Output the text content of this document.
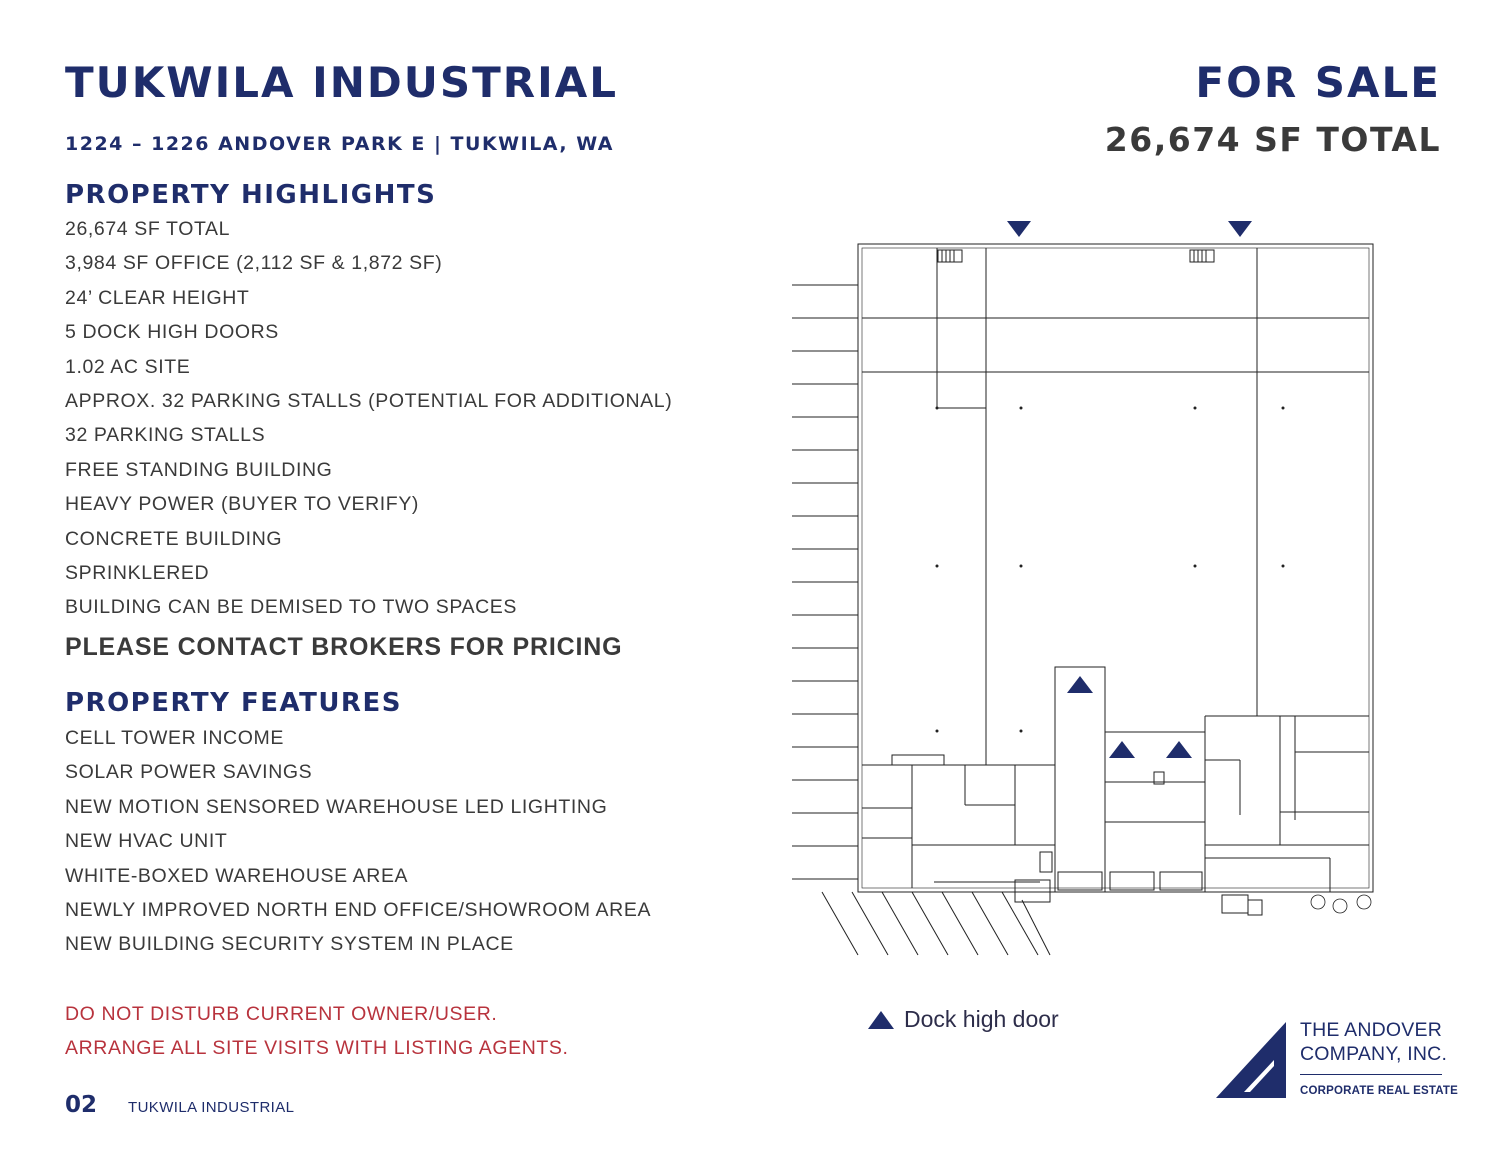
TUKWILA INDUSTRIAL
1224 – 1226 ANDOVER PARK E | TUKWILA, WA
FOR SALE
26,674 SF TOTAL
PROPERTY HIGHLIGHTS
26,674 SF TOTAL
3,984 SF OFFICE (2,112 SF & 1,872 SF)
24’ CLEAR HEIGHT
5 DOCK HIGH DOORS
1.02 AC SITE
APPROX. 32 PARKING STALLS (POTENTIAL FOR ADDITIONAL)
32 PARKING STALLS
FREE STANDING BUILDING
HEAVY POWER (BUYER TO VERIFY)
CONCRETE BUILDING
SPRINKLERED
BUILDING CAN BE DEMISED TO TWO SPACES
PLEASE CONTACT BROKERS FOR PRICING
PROPERTY FEATURES
CELL TOWER INCOME
SOLAR POWER SAVINGS
NEW MOTION SENSORED WAREHOUSE LED LIGHTING
NEW HVAC UNIT
WHITE-BOXED WAREHOUSE AREA
NEWLY IMPROVED NORTH END OFFICE/SHOWROOM AREA
NEW BUILDING SECURITY SYSTEM IN PLACE
DO NOT DISTURB CURRENT OWNER/USER.
ARRANGE ALL SITE VISITS WITH LISTING AGENTS.
02 TUKWILA INDUSTRIAL
Dock high door	THE ANDOVER
COMPANY, INC.
CORPORATE REAL ESTATE
